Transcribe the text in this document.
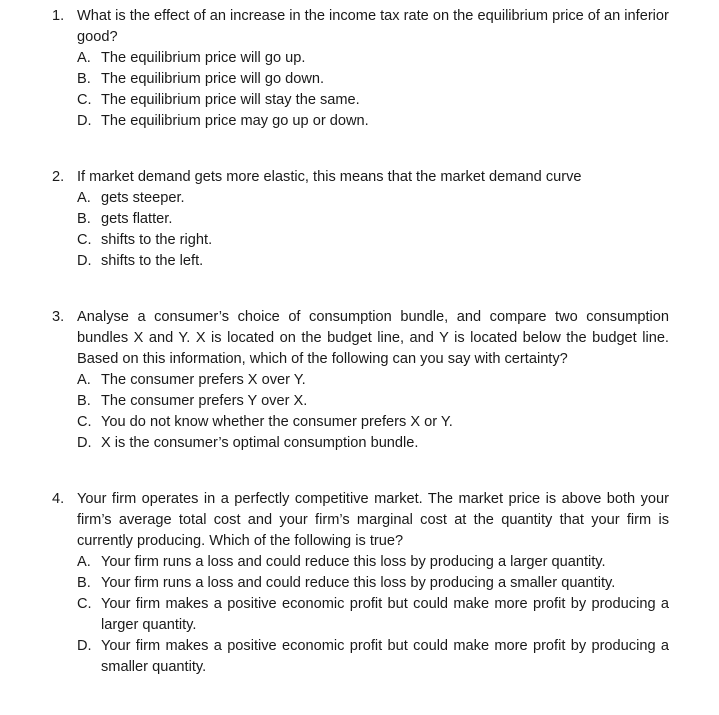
1. What is the effect of an increase in the income tax rate on the equilibrium price of an inferior good?
A. The equilibrium price will go up.
B. The equilibrium price will go down.
C. The equilibrium price will stay the same.
D. The equilibrium price may go up or down.
2. If market demand gets more elastic, this means that the market demand curve
A. gets steeper.
B. gets flatter.
C. shifts to the right.
D. shifts to the left.
3. Analyse a consumer’s choice of consumption bundle, and compare two consumption bundles X and Y. X is located on the budget line, and Y is located below the budget line. Based on this information, which of the following can you say with certainty?
A. The consumer prefers X over Y.
B. The consumer prefers Y over X.
C. You do not know whether the consumer prefers X or Y.
D. X is the consumer’s optimal consumption bundle.
4. Your firm operates in a perfectly competitive market. The market price is above both your firm’s average total cost and your firm’s marginal cost at the quantity that your firm is currently producing. Which of the following is true?
A. Your firm runs a loss and could reduce this loss by producing a larger quantity.
B. Your firm runs a loss and could reduce this loss by producing a smaller quantity.
C. Your firm makes a positive economic profit but could make more profit by producing a larger quantity.
D. Your firm makes a positive economic profit but could make more profit by producing a smaller quantity.
